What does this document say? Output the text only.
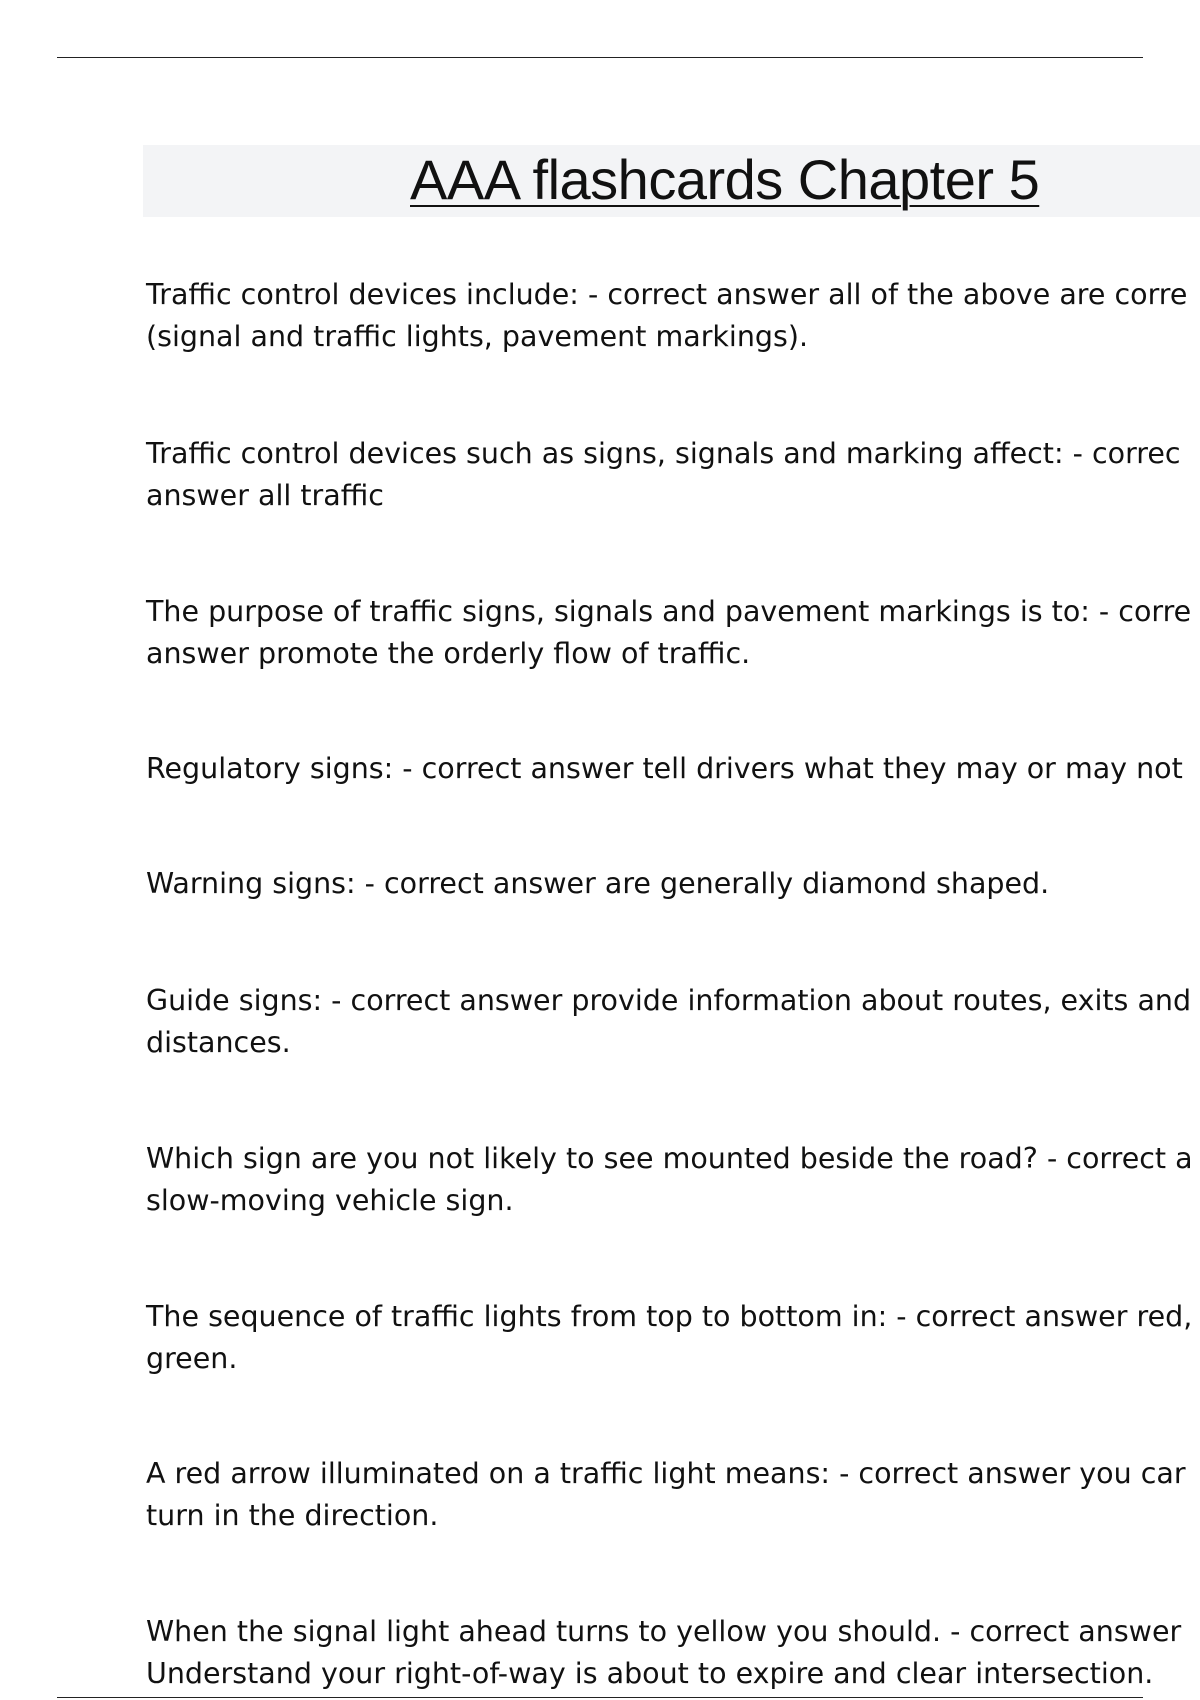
AAA flashcards Chapter 5
Traffic control devices include: - correct answer all of the above are corre
(signal and traffic lights, pavement markings).
Traffic control devices such as signs, signals and marking affect: - correc
answer all traffic
The purpose of traffic signs, signals and pavement markings is to: - corre
answer promote the orderly flow of traffic.
Regulatory signs: - correct answer tell drivers what they may or may not
Warning signs: - correct answer are generally diamond shaped.
Guide signs: - correct answer provide information about routes, exits and
distances.
Which sign are you not likely to see mounted beside the road? - correct a
slow-moving vehicle sign.
The sequence of traffic lights from top to bottom in: - correct answer red,
green.
A red arrow illuminated on a traffic light means: - correct answer you car
turn in the direction.
When the signal light ahead turns to yellow you should. - correct answer
Understand your right-of-way is about to expire and clear intersection.
